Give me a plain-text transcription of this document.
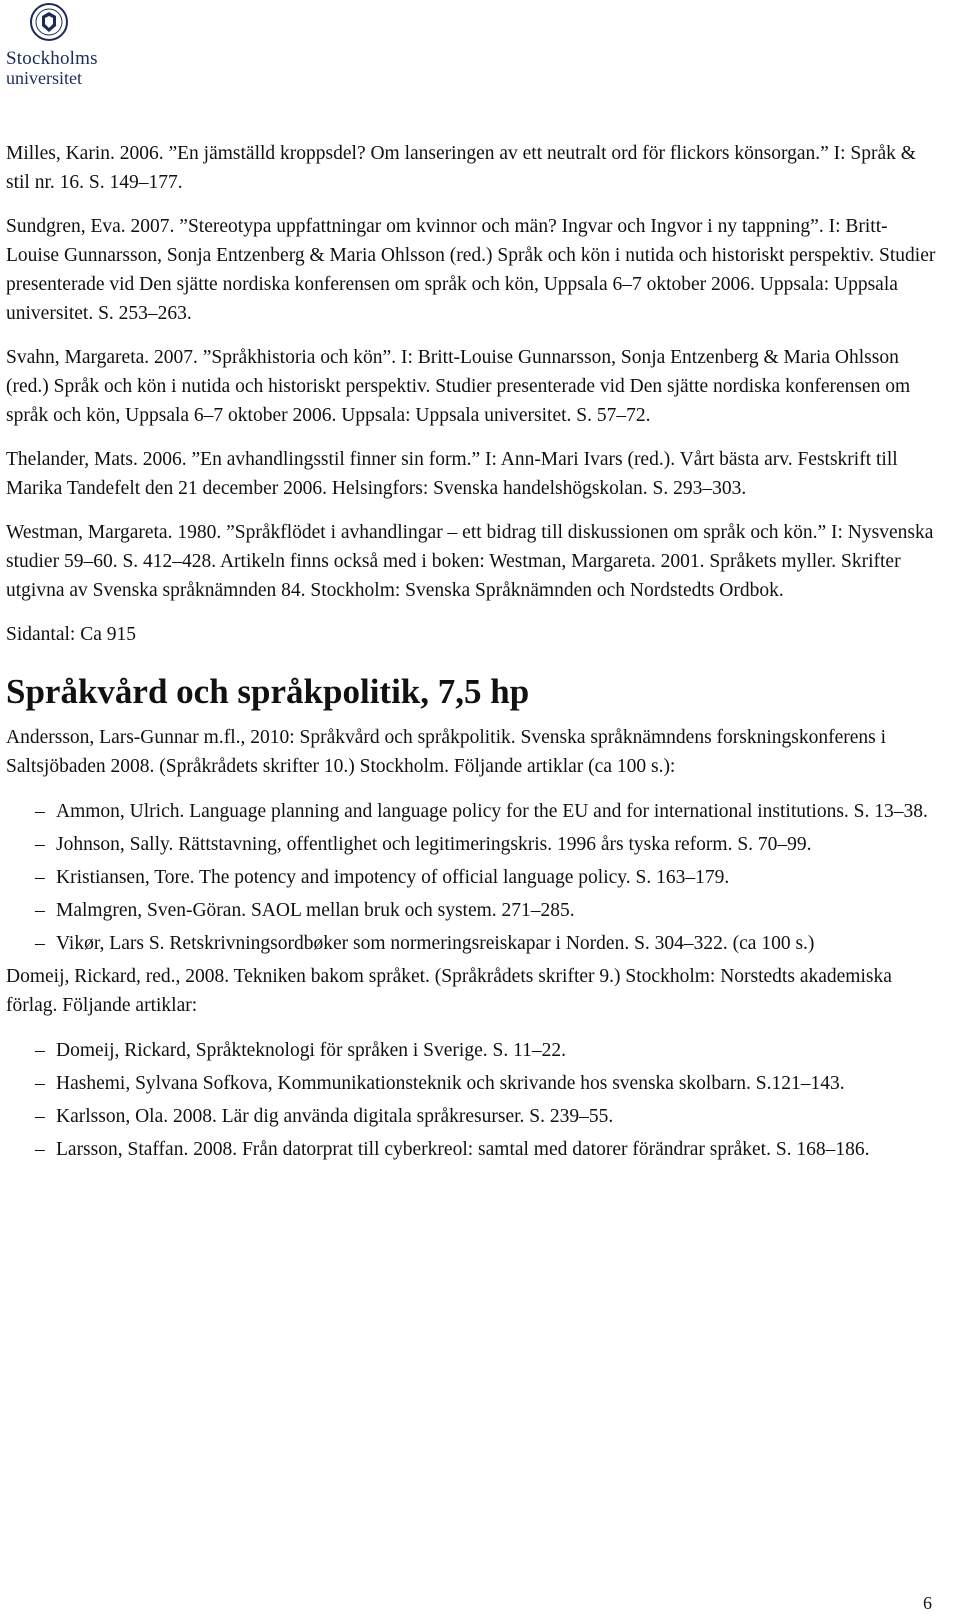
Stockholms
universitet

Milles, Karin. 2006. ”En jämställd kroppsdel? Om lanseringen av ett neutralt ord för flickors könsorgan.” I: Språk & stil nr. 16. S. 149–177.

Sundgren, Eva. 2007. ”Stereotypa uppfattningar om kvinnor och män? Ingvar och Ingvor i ny tappning”. I: Britt-Louise Gunnarsson, Sonja Entzenberg & Maria Ohlsson (red.) Språk och kön i nutida och historiskt perspektiv. Studier presenterade vid Den sjätte nordiska konferensen om språk och kön, Uppsala 6–7 oktober 2006. Uppsala: Uppsala universitet. S. 253–263.

Svahn, Margareta. 2007. ”Språkhistoria och kön”. I: Britt-Louise Gunnarsson, Sonja Entzenberg & Maria Ohlsson (red.) Språk och kön i nutida och historiskt perspektiv. Studier presenterade vid Den sjätte nordiska konferensen om språk och kön, Uppsala 6–7 oktober 2006. Uppsala: Uppsala universitet. S. 57–72.

Thelander, Mats. 2006. ”En avhandlingsstil finner sin form.” I: Ann-Mari Ivars (red.). Vårt bästa arv. Festskrift till Marika Tandefelt den 21 december 2006. Helsingfors: Svenska handelshögskolan. S. 293–303.

Westman, Margareta. 1980. ”Språkflödet i avhandlingar – ett bidrag till diskussionen om språk och kön.” I: Nysvenska studier 59–60. S. 412–428. Artikeln finns också med i boken: Westman, Margareta. 2001. Språkets myller. Skrifter utgivna av Svenska språknämnden 84. Stockholm: Svenska Språknämnden och Nordstedts Ordbok.

Sidantal: Ca 915

Språkvård och språkpolitik, 7,5 hp

Andersson, Lars-Gunnar m.fl., 2010: Språkvård och språkpolitik. Svenska språknämndens forskningskonferens i Saltsjöbaden 2008. (Språkrådets skrifter 10.) Stockholm. Följande artiklar (ca 100 s.):

– Ammon, Ulrich. Language planning and language policy for the EU and for international institutions. S. 13–38.
– Johnson, Sally. Rättstavning, offentlighet och legitimeringskris. 1996 års tyska reform. S. 70–99.
– Kristiansen, Tore. The potency and impotency of official language policy. S. 163–179.
– Malmgren, Sven-Göran. SAOL mellan bruk och system. 271–285.
– Vikør, Lars S. Retskrivningsordbøker som normeringsreiskapar i Norden. S. 304–322. (ca 100 s.)

Domeij, Rickard, red., 2008. Tekniken bakom språket. (Språkrådets skrifter 9.) Stockholm: Norstedts akademiska förlag. Följande artiklar:

– Domeij, Rickard, Språkteknologi för språken i Sverige. S. 11–22.
– Hashemi, Sylvana Sofkova, Kommunikationsteknik och skrivande hos svenska skolbarn. S.121–143.
– Karlsson, Ola. 2008. Lär dig använda digitala språkresurser. S. 239–55.
– Larsson, Staffan. 2008. Från datorprat till cyberkreol: samtal med datorer förändrar språket. S. 168–186.
6
